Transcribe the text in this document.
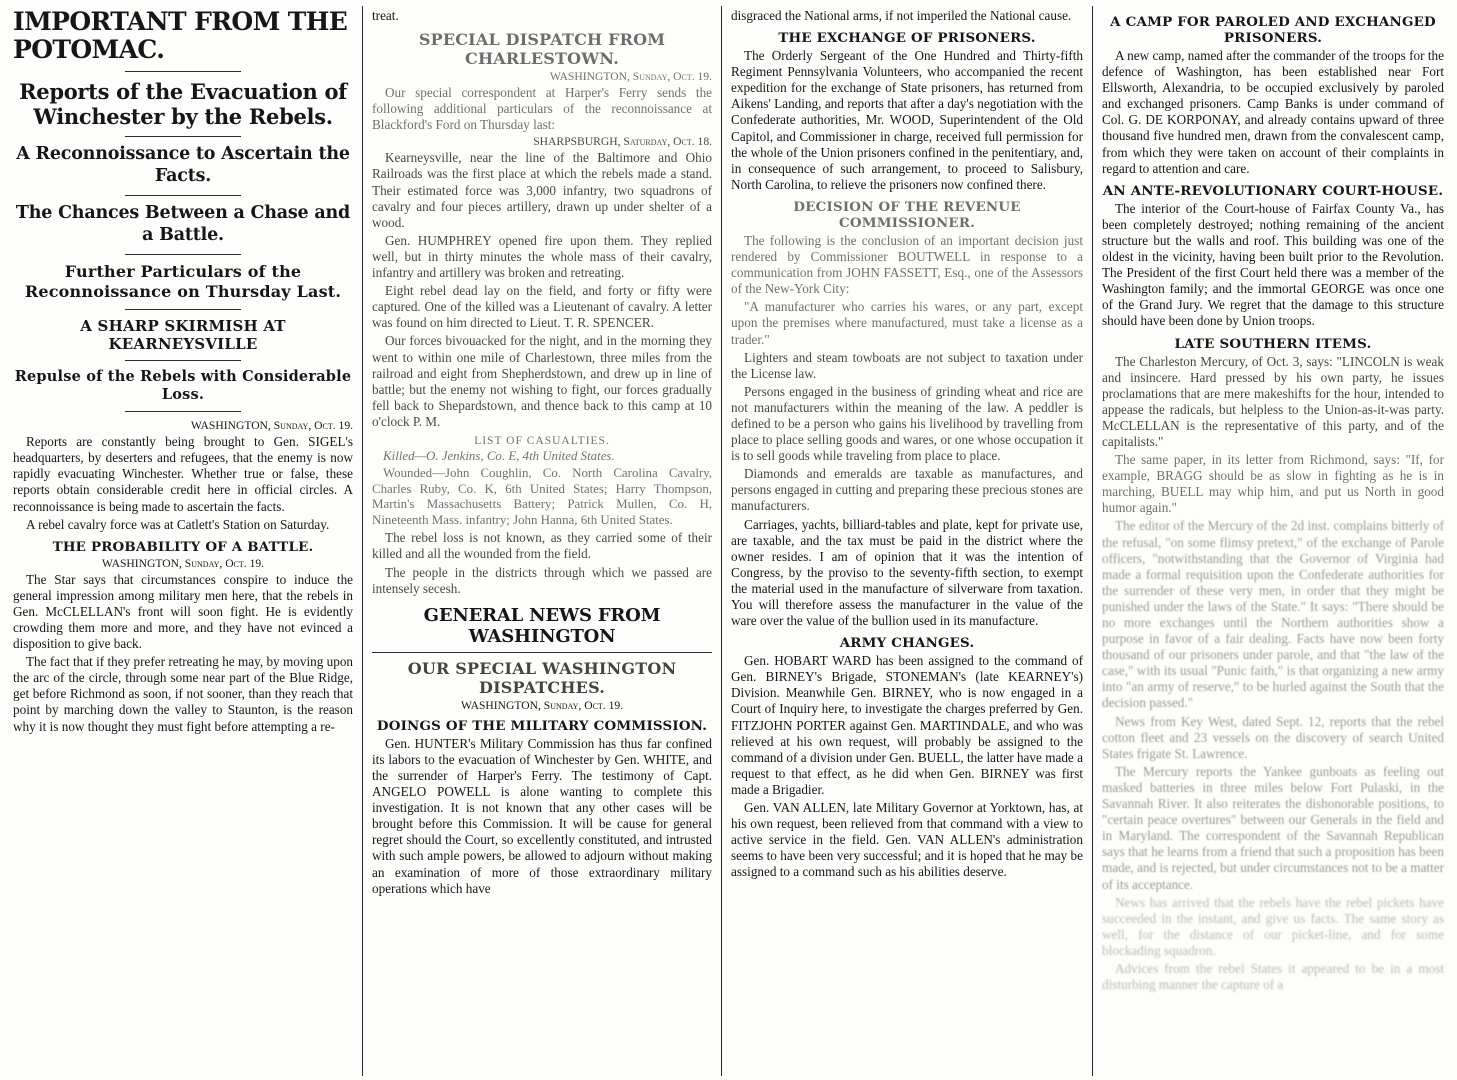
IMPORTANT FROM THE POTOMAC.
Reports of the Evacuation of Winchester by the Rebels.
A Reconnoissance to Ascertain the Facts.
The Chances Between a Chase and a Battle.
Further Particulars of the Reconnoissance on Thursday Last.
A SHARP SKIRMISH AT KEARNEYSVILLE
Repulse of the Rebels with Considerable Loss.
WASHINGTON, Sunday, Oct. 19.

Reports are constantly being brought to Gen. SIGEL's headquarters, by deserters and refugees, that the enemy is now rapidly evacuating Winchester. Whether true or false, these reports obtain considerable credit here in official circles. A reconnoissance is being made to ascertain the facts.

A rebel cavalry force was at Catlett's Station on Saturday.

THE PROBABILITY OF A BATTLE.
WASHINGTON, Sunday, Oct. 19.

The Star says that circumstances conspire to induce the general impression among military men here, that the rebels in Gen. McCLELLAN's front will soon fight. He is evidently crowding them more and more, and they have not evinced a disposition to give back.

The fact that if they prefer retreating he may, by moving upon the arc of the circle, through some near part of the Blue Ridge, get before Richmond as soon, if not sooner, than they reach that point by marching down the valley to Staunton, is the reason why it is now thought they must fight before attempting a re-

treat.

SPECIAL DISPATCH FROM CHARLESTOWN.
WASHINGTON, Sunday, Oct. 19.

Our special correspondent at Harper's Ferry sends the following additional particulars of the reconnoissance at Blackford's Ford on Thursday last:

SHARPSBURGH, Saturday, Oct. 18.

Kearneysville, near the line of the Baltimore and Ohio Railroads was the first place at which the rebels made a stand. Their estimated force was 3,000 infantry, two squadrons of cavalry and four pieces artillery, drawn up under shelter of a wood.

Gen. HUMPHREY opened fire upon them. They replied well, but in thirty minutes the whole mass of their cavalry, infantry and artillery was broken and retreating.

Eight rebel dead lay on the field, and forty or fifty were captured. One of the killed was a Lieutenant of cavalry. A letter was found on him directed to Lieut. T. R. SPENCER.

Our forces bivouacked for the night, and in the morning they went to within one mile of Charlestown, three miles from the railroad and eight from Shepherdstown, and drew up in line of battle; but the enemy not wishing to fight, our forces gradually fell back to Shepardstown, and thence back to this camp at 10 o'clock P. M.

LIST OF CASUALTIES.

Killed—O. Jenkins, Co. E, 4th United States.

Wounded—John Coughlin, Co. North Carolina Cavalry, Charles Ruby, Co. K, 6th United States; Harry Thompson, Martin's Massachusetts Battery; Patrick Mullen, Co. H, Nineteenth Mass. infantry; John Hanna, 6th United States.

The rebel loss is not known, as they carried some of their killed and all the wounded from the field.

The people in the districts through which we passed are intensely secesh.

GENERAL NEWS FROM WASHINGTON
OUR SPECIAL WASHINGTON DISPATCHES.
WASHINGTON, Sunday, Oct. 19.
DOINGS OF THE MILITARY COMMISSION.

Gen. HUNTER's Military Commission has thus far confined its labors to the evacuation of Winchester by Gen. WHITE, and the surrender of Harper's Ferry. The testimony of Capt. ANGELO POWELL is alone wanting to complete this investigation. It is not known that any other cases will be brought before this Commission. It will be cause for general regret should the Court, so excellently constituted, and intrusted with such ample powers, be allowed to adjourn without making an examination of more of those extraordinary military operations which have

disgraced the National arms, if not imperiled the National cause.

THE EXCHANGE OF PRISONERS.

The Orderly Sergeant of the One Hundred and Thirty-fifth Regiment Pennsylvania Volunteers, who accompanied the recent expedition for the exchange of State prisoners, has returned from Aikens' Landing, and reports that after a day's negotiation with the Confederate authorities, Mr. WOOD, Superintendent of the Old Capitol, and Commissioner in charge, received full permission for the whole of the Union prisoners confined in the penitentiary, and, in consequence of such arrangement, to proceed to Salisbury, North Carolina, to relieve the prisoners now confined there.

DECISION OF THE REVENUE COMMISSIONER.

The following is the conclusion of an important decision just rendered by Commissioner BOUTWELL in response to a communication from JOHN FASSETT, Esq., one of the Assessors of the New-York City:

"A manufacturer who carries his wares, or any part, except upon the premises where manufactured, must take a license as a trader."

Lighters and steam towboats are not subject to taxation under the License law.

Persons engaged in the business of grinding wheat and rice are not manufacturers within the meaning of the law. A peddler is defined to be a person who gains his livelihood by travelling from place to place selling goods and wares, or one whose occupation it is to sell goods while traveling from place to place.

Diamonds and emeralds are taxable as manufactures, and persons engaged in cutting and preparing these precious stones are manufacturers.

Carriages, yachts, billiard-tables and plate, kept for private use, are taxable, and the tax must be paid in the district where the owner resides. I am of opinion that it was the intention of Congress, by the proviso to the seventy-fifth section, to exempt the material used in the manufacture of silverware from taxation. You will therefore assess the manufacturer in the value of the ware over the value of the bullion used in its manufacture.

ARMY CHANGES.

Gen. HOBART WARD has been assigned to the command of Gen. BIRNEY's Brigade, STONEMAN's (late KEARNEY's) Division. Meanwhile Gen. BIRNEY, who is now engaged in a Court of Inquiry here, to investigate the charges preferred by Gen. FITZJOHN PORTER against Gen. MARTINDALE, and who was relieved at his own request, will probably be assigned to the command of a division under Gen. BUELL, the latter have made a request to that effect, as he did when Gen. BIRNEY was first made a Brigadier.

Gen. VAN ALLEN, late Military Governor at Yorktown, has, at his own request, been relieved from that command with a view to active service in the field. Gen. VAN ALLEN's administration seems to have been very successful; and it is hoped that he may be assigned to a command such as his abilities deserve.

A CAMP FOR PAROLED AND EXCHANGED PRISONERS.

A new camp, named after the commander of the troops for the defence of Washington, has been established near Fort Ellsworth, Alexandria, to be occupied exclusively by paroled and exchanged prisoners. Camp Banks is under command of Col. G. DE KORPONAY, and already contains upward of three thousand five hundred men, drawn from the convalescent camp, from which they were taken on account of their complaints in regard to attention and care.

AN ANTE-REVOLUTIONARY COURT-HOUSE.

The interior of the Court-house of Fairfax County Va., has been completely destroyed; nothing remaining of the ancient structure but the walls and roof. This building was one of the oldest in the vicinity, having been built prior to the Revolution. The President of the first Court held there was a member of the Washington family; and the immortal GEORGE was once one of the Grand Jury. We regret that the damage to this structure should have been done by Union troops.

LATE SOUTHERN ITEMS.

The Charleston Mercury, of Oct. 3, says: "LINCOLN is weak and insincere. Hard pressed by his own party, he issues proclamations that are mere makeshifts for the hour, intended to appease the radicals, but helpless to the Union-as-it-was party. McCLELLAN is the representative of this party, and of the capitalists."

The same paper, in its letter from Richmond, says: "If, for example, BRAGG should be as slow in fighting as he is in marching, BUELL may whip him, and put us North in good humor again."

The editor of the Mercury of the 2d inst. complains bitterly of the refusal, "on some flimsy pretext," of the exchange of Parole officers, "notwithstanding that the Governor of Virginia had made a formal requisition upon the Confederate authorities for the surrender of these very men, in order that they might be punished under the laws of the State." It says: "There should be no more exchanges until the Northern authorities show a purpose in favor of a fair dealing. Facts have now been forty thousand of our prisoners under parole, and that "the law of the case," with its usual "Punic faith," is that organizing a new army into "an army of reserve," to be hurled against the South that the decision passed."

News from Key West, dated Sept. 12, reports that the rebel cotton fleet and 23 vessels on the discovery of search United States frigate St. Lawrence.

The Mercury reports the Yankee gunboats as feeling out masked batteries in three miles below Fort Pulaski, in the Savannah River. It also reiterates the dishonorable positions, to "certain peace overtures" between our Generals in the field and in Maryland. The correspondent of the Savannah Republican says that he learns from a friend that such a proposition has been made, and is rejected, but under circumstances not to be a matter of its acceptance.

News has arrived that the rebels have the rebel pickets have succeeded in the instant, and give us facts. The same story as well, for the distance of our picket-line, and for some blockading squadron.

Advices from the rebel States it appeared to be in a most disturbing manner the capture of a
